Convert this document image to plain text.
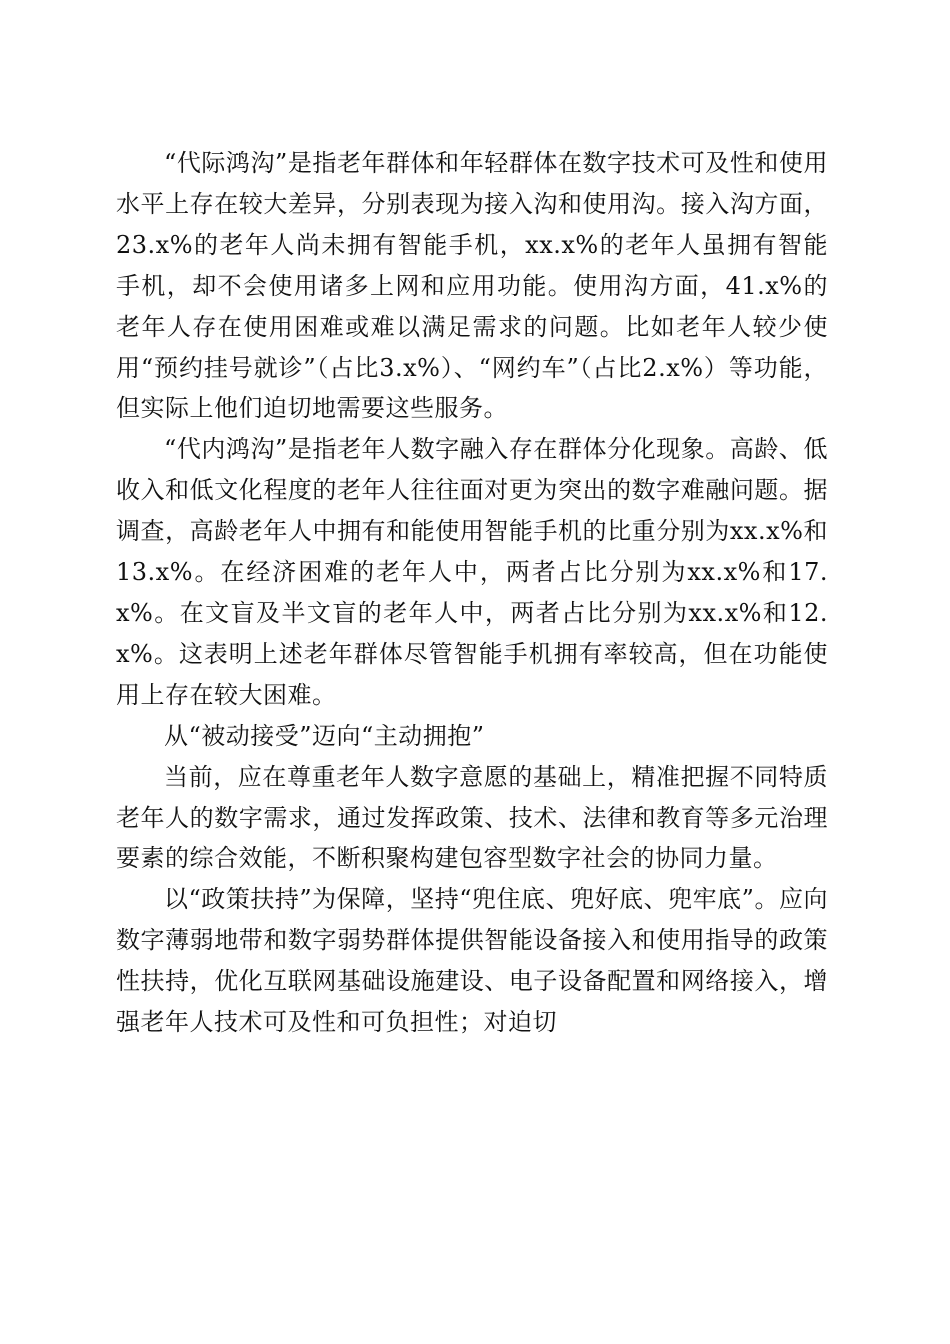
“代际鸿沟”是指老年群体和年轻群体在数字技术可及性和使用水平上存在较大差异，分别表现为接入沟和使用沟。接入沟方面，23.x%的老年人尚未拥有智能手机，xx.x%的老年人虽拥有智能手机，却不会使用诸多上网和应用功能。使用沟方面，41.x%的老年人存在使用困难或难以满足需求的问题。比如老年人较少使用“预约挂号就诊”（占比3.x%）、“网约车”（占比2.x%）等功能，但实际上他们迫切地需要这些服务。

“代内鸿沟”是指老年人数字融入存在群体分化现象。高龄、低收入和低文化程度的老年人往往面对更为突出的数字难融问题。据调查，高龄老年人中拥有和能使用智能手机的比重分别为xx.x%和13.x%。在经济困难的老年人中，两者占比分别为xx.x%和17.x%。在文盲及半文盲的老年人中，两者占比分别为xx.x%和12.x%。这表明上述老年群体尽管智能手机拥有率较高，但在功能使用上存在较大困难。

从“被动接受”迈向“主动拥抱”

当前，应在尊重老年人数字意愿的基础上，精准把握不同特质老年人的数字需求，通过发挥政策、技术、法律和教育等多元治理要素的综合效能，不断积聚构建包容型数字社会的协同力量。

以“政策扶持”为保障，坚持“兜住底、兜好底、兜牢底”。应向数字薄弱地带和数字弱势群体提供智能设备接入和使用指导的政策性扶持，优化互联网基础设施建设、电子设备配置和网络接入，增强老年人技术可及性和可负担性；对迫切
